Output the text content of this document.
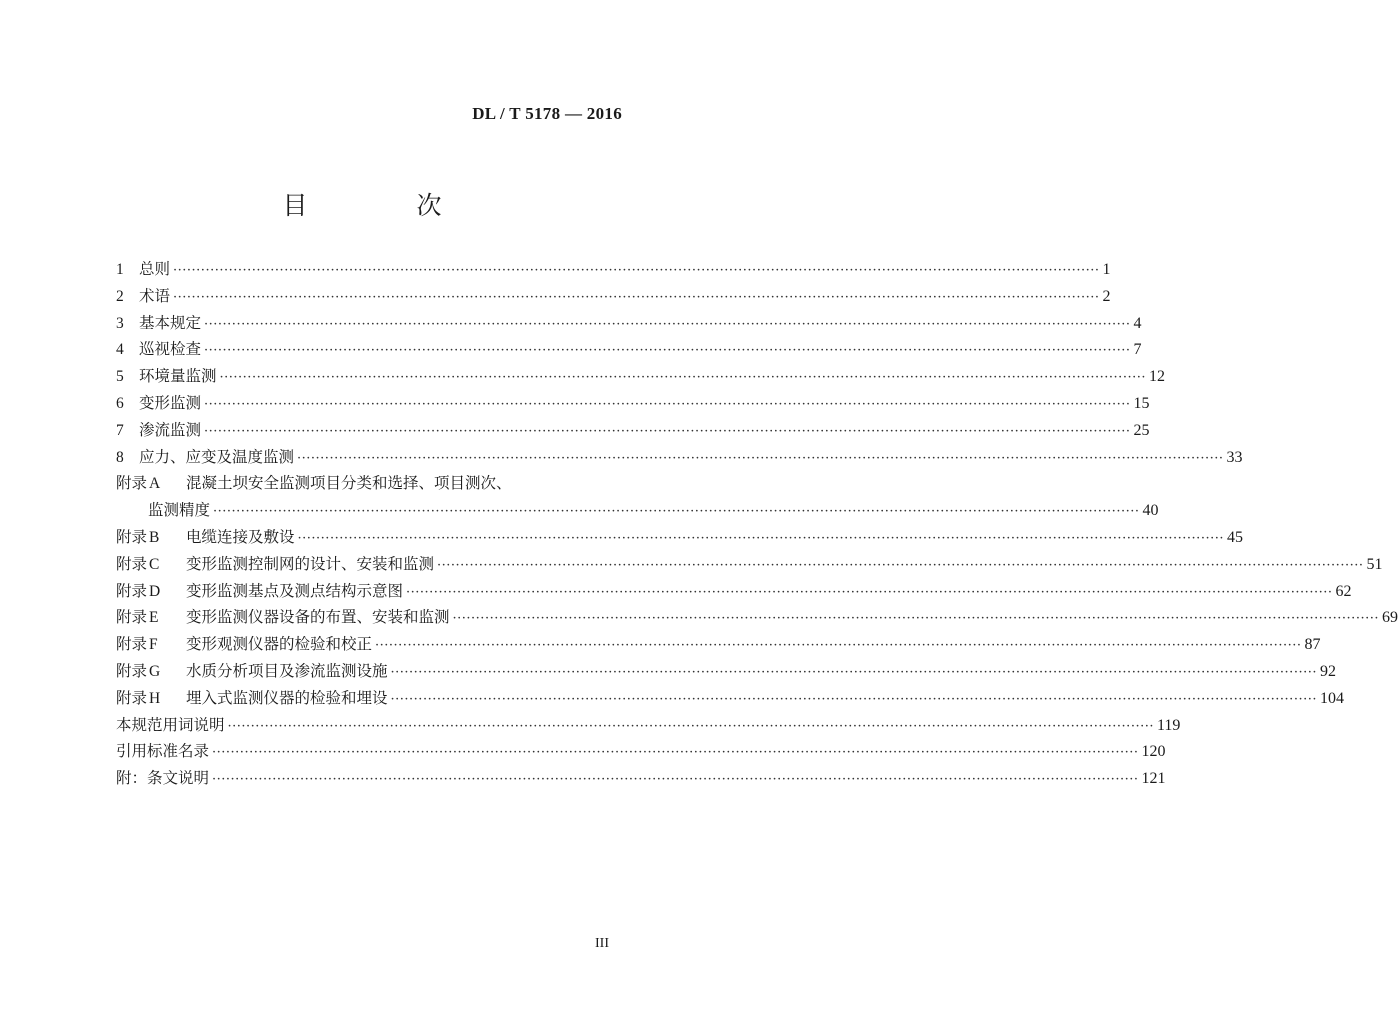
DL / T 5178 — 2016
目　次
1 总则 ········································································································································································································ 1
2 术语 ········································································································································································································ 2
3 基本规定 ········································································································································································································ 4
4 巡视检查 ········································································································································································································ 7
5 环境量监测 ········································································································································································································ 12
6 变形监测 ········································································································································································································ 15
7 渗流监测 ········································································································································································································ 25
8 应力、应变及温度监测 ········································································································································································································ 33
附录 A	混凝土坝安全监测项目分类和选择、项目测次、
监测精度 ········································································································································································································ 40
附录 B	电缆连接及敷设 ········································································································································································································ 45
附录 C	变形监测控制网的设计、安装和监测 ········································································································································································································ 51
附录 D	变形监测基点及测点结构示意图 ········································································································································································································ 62
附录 E	变形监测仪器设备的布置、安装和监测 ········································································································································································································ 69
附录 F	变形观测仪器的检验和校正 ········································································································································································································ 87
附录 G	水质分析项目及渗流监测设施 ········································································································································································································ 92
附录 H	埋入式监测仪器的检验和埋设 ········································································································································································································ 104
本规范用词说明 ········································································································································································································ 119
引用标准名录 ········································································································································································································ 120
附：条文说明 ········································································································································································································ 121
III
